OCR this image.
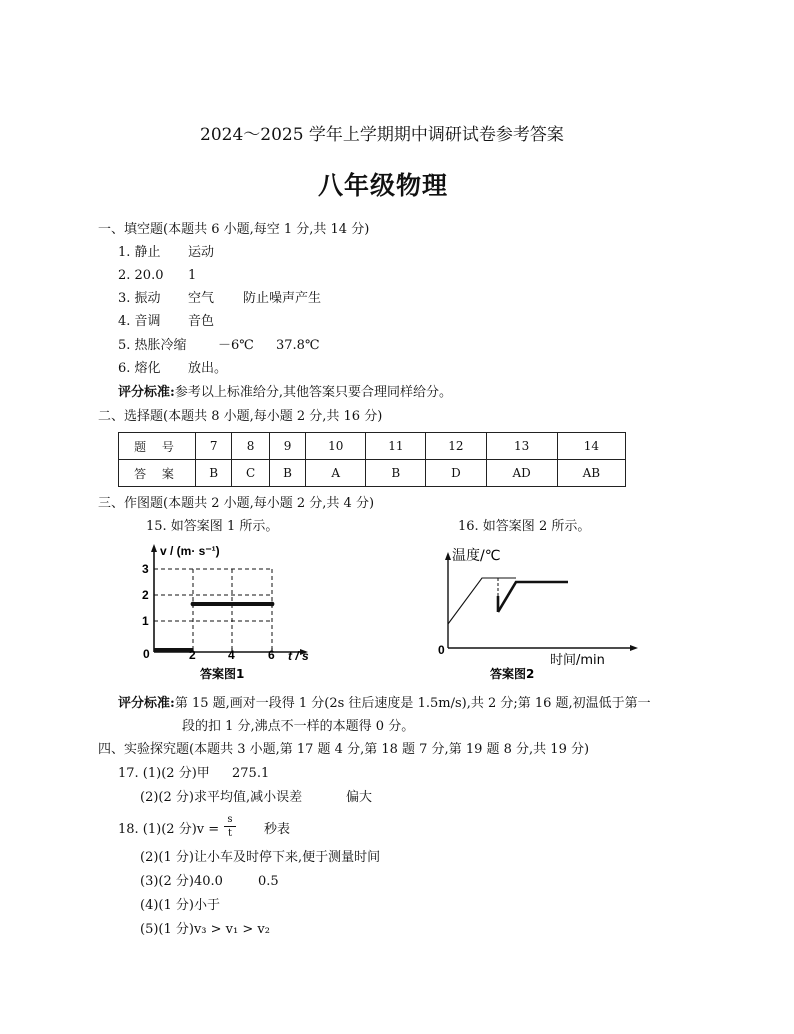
2024～2025 学年上学期期中调研试卷参考答案
八年级物理
一、填空题(本题共 6 小题,每空 1 分,共 14 分)
1. 静止 运动
2. 20.0 1
3. 振动 空气 防止噪声产生
4. 音调 音色
5. 热胀冷缩 －6℃ 37.8℃
6. 熔化 放出。
评分标准:参考以上标准给分,其他答案只要合理同样给分。
二、选择题(本题共 8 小题,每小题 2 分,共 16 分)
题 号	7	8	9	10	11	12	13	14
答 案	B	C	B	A	B	D	AD	AB
三、作图题(本题共 2 小题,每小题 2 分,共 4 分)
15. 如答案图 1 所示。	16. 如答案图 2 所示。
v / (m· s⁻¹)
3
2
1
0	2	4	6 t / s
答案图1
温度/℃
0
时间/min
答案图2
评分标准:第 15 题,画对一段得 1 分(2s 往后速度是 1.5m/s),共 2 分;第 16 题,初温低于第一
段的扣 1 分,沸点不一样的本题得 0 分。
四、实验探究题(本题共 3 小题,第 17 题 4 分,第 18 题 7 分,第 19 题 8 分,共 19 分)
17. (1)(2 分)甲 275.1
(2)(2 分)求平均值,减小误差	偏大
18. (1)(2 分)v =
s
t	秒表
(2)(1 分)让小车及时停下来,便于测量时间
(3)(2 分)40.0	0.5
(4)(1 分)小于
(5)(1 分)v₃ > v₁ > v₂
